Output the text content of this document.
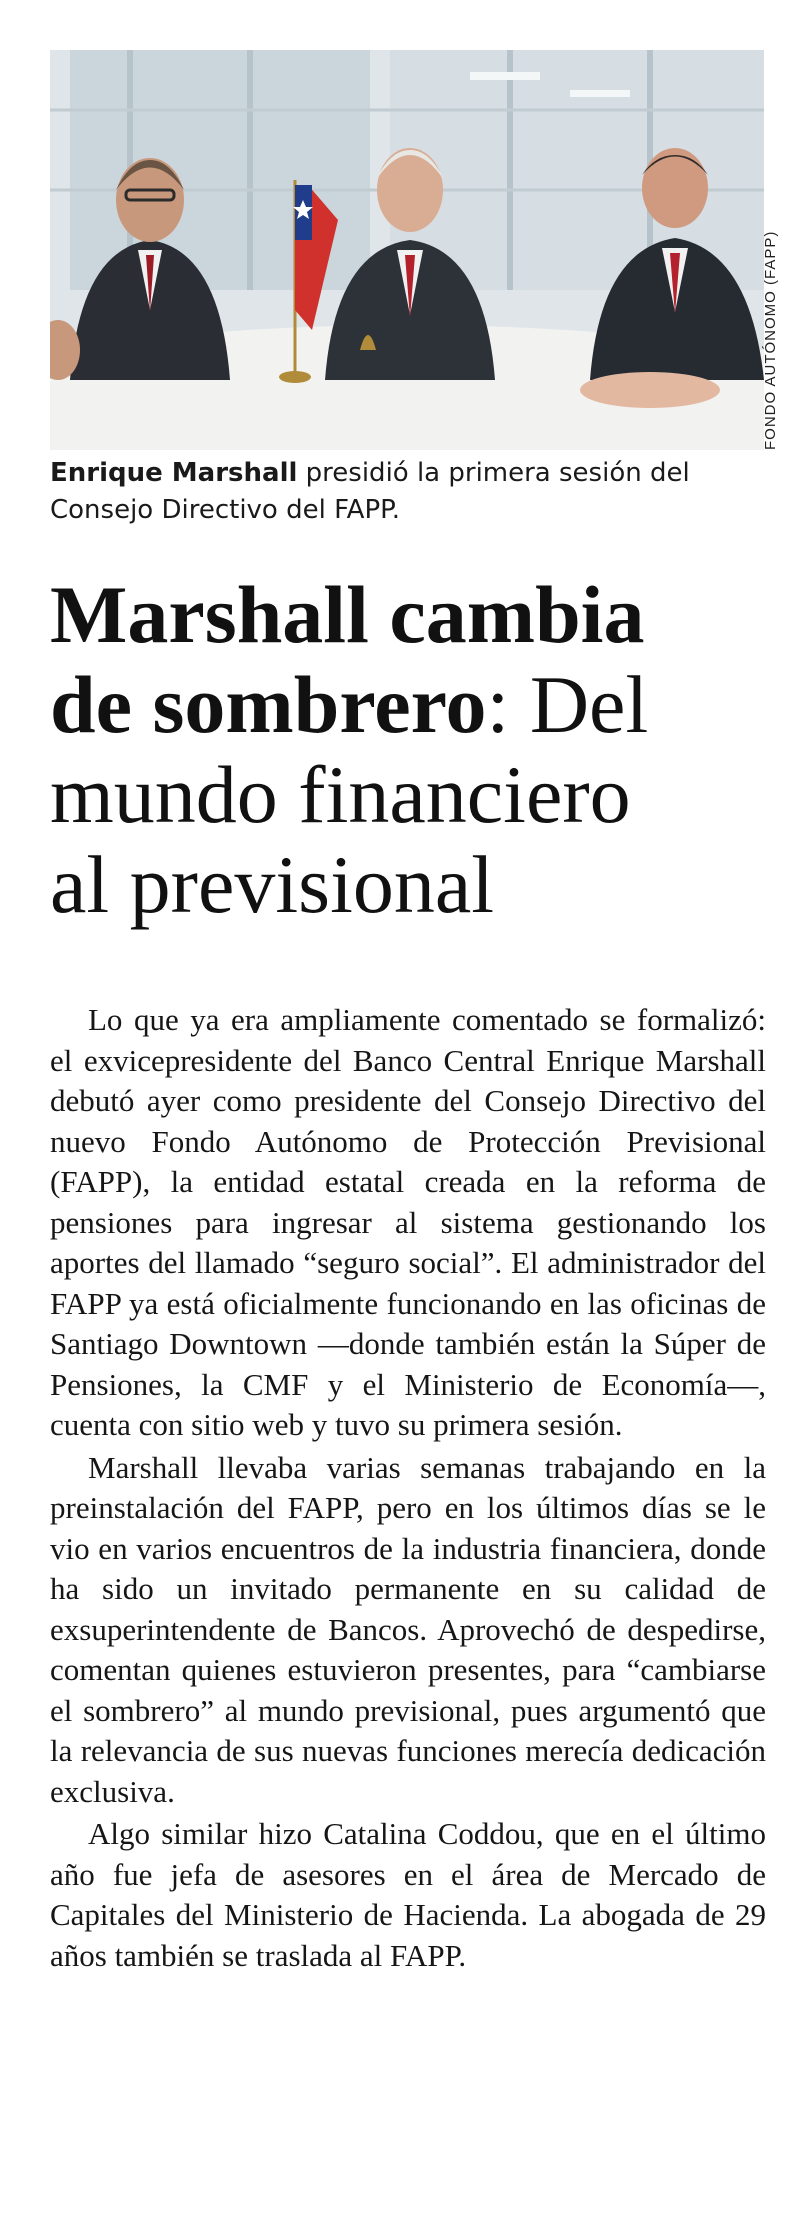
FONDO AUTÓNOMO (FAPP)
Enrique Marshall presidió la primera sesión del Consejo Directivo del FAPP.
Marshall cambia
de sombrero: Del
mundo financiero
al previsional

Lo que ya era ampliamente comentado se formalizó: el exvicepresidente del Banco Central Enrique Marshall debutó ayer como presidente del Consejo Directivo del nuevo Fondo Autónomo de Protección Previsional (FAPP), la entidad estatal creada en la reforma de pensiones para ingresar al sistema gestionando los aportes del llamado “seguro social”. El administrador del FAPP ya está oficialmente funcionando en las oficinas de Santiago Downtown —donde también están la Súper de Pensiones, la CMF y el Ministerio de Economía—, cuenta con sitio web y tuvo su primera sesión.

Marshall llevaba varias semanas trabajando en la preinstalación del FAPP, pero en los últimos días se le vio en varios encuentros de la industria financiera, donde ha sido un invitado permanente en su calidad de exsuperintendente de Bancos. Aprovechó de despedirse, comentan quienes estuvieron presentes, para “cambiarse el sombrero” al mundo previsional, pues argumentó que la relevancia de sus nuevas funciones merecía dedicación exclusiva.

Algo similar hizo Catalina Coddou, que en el último año fue jefa de asesores en el área de Mercado de Capitales del Ministerio de Hacienda. La abogada de 29 años también se traslada al FAPP.
